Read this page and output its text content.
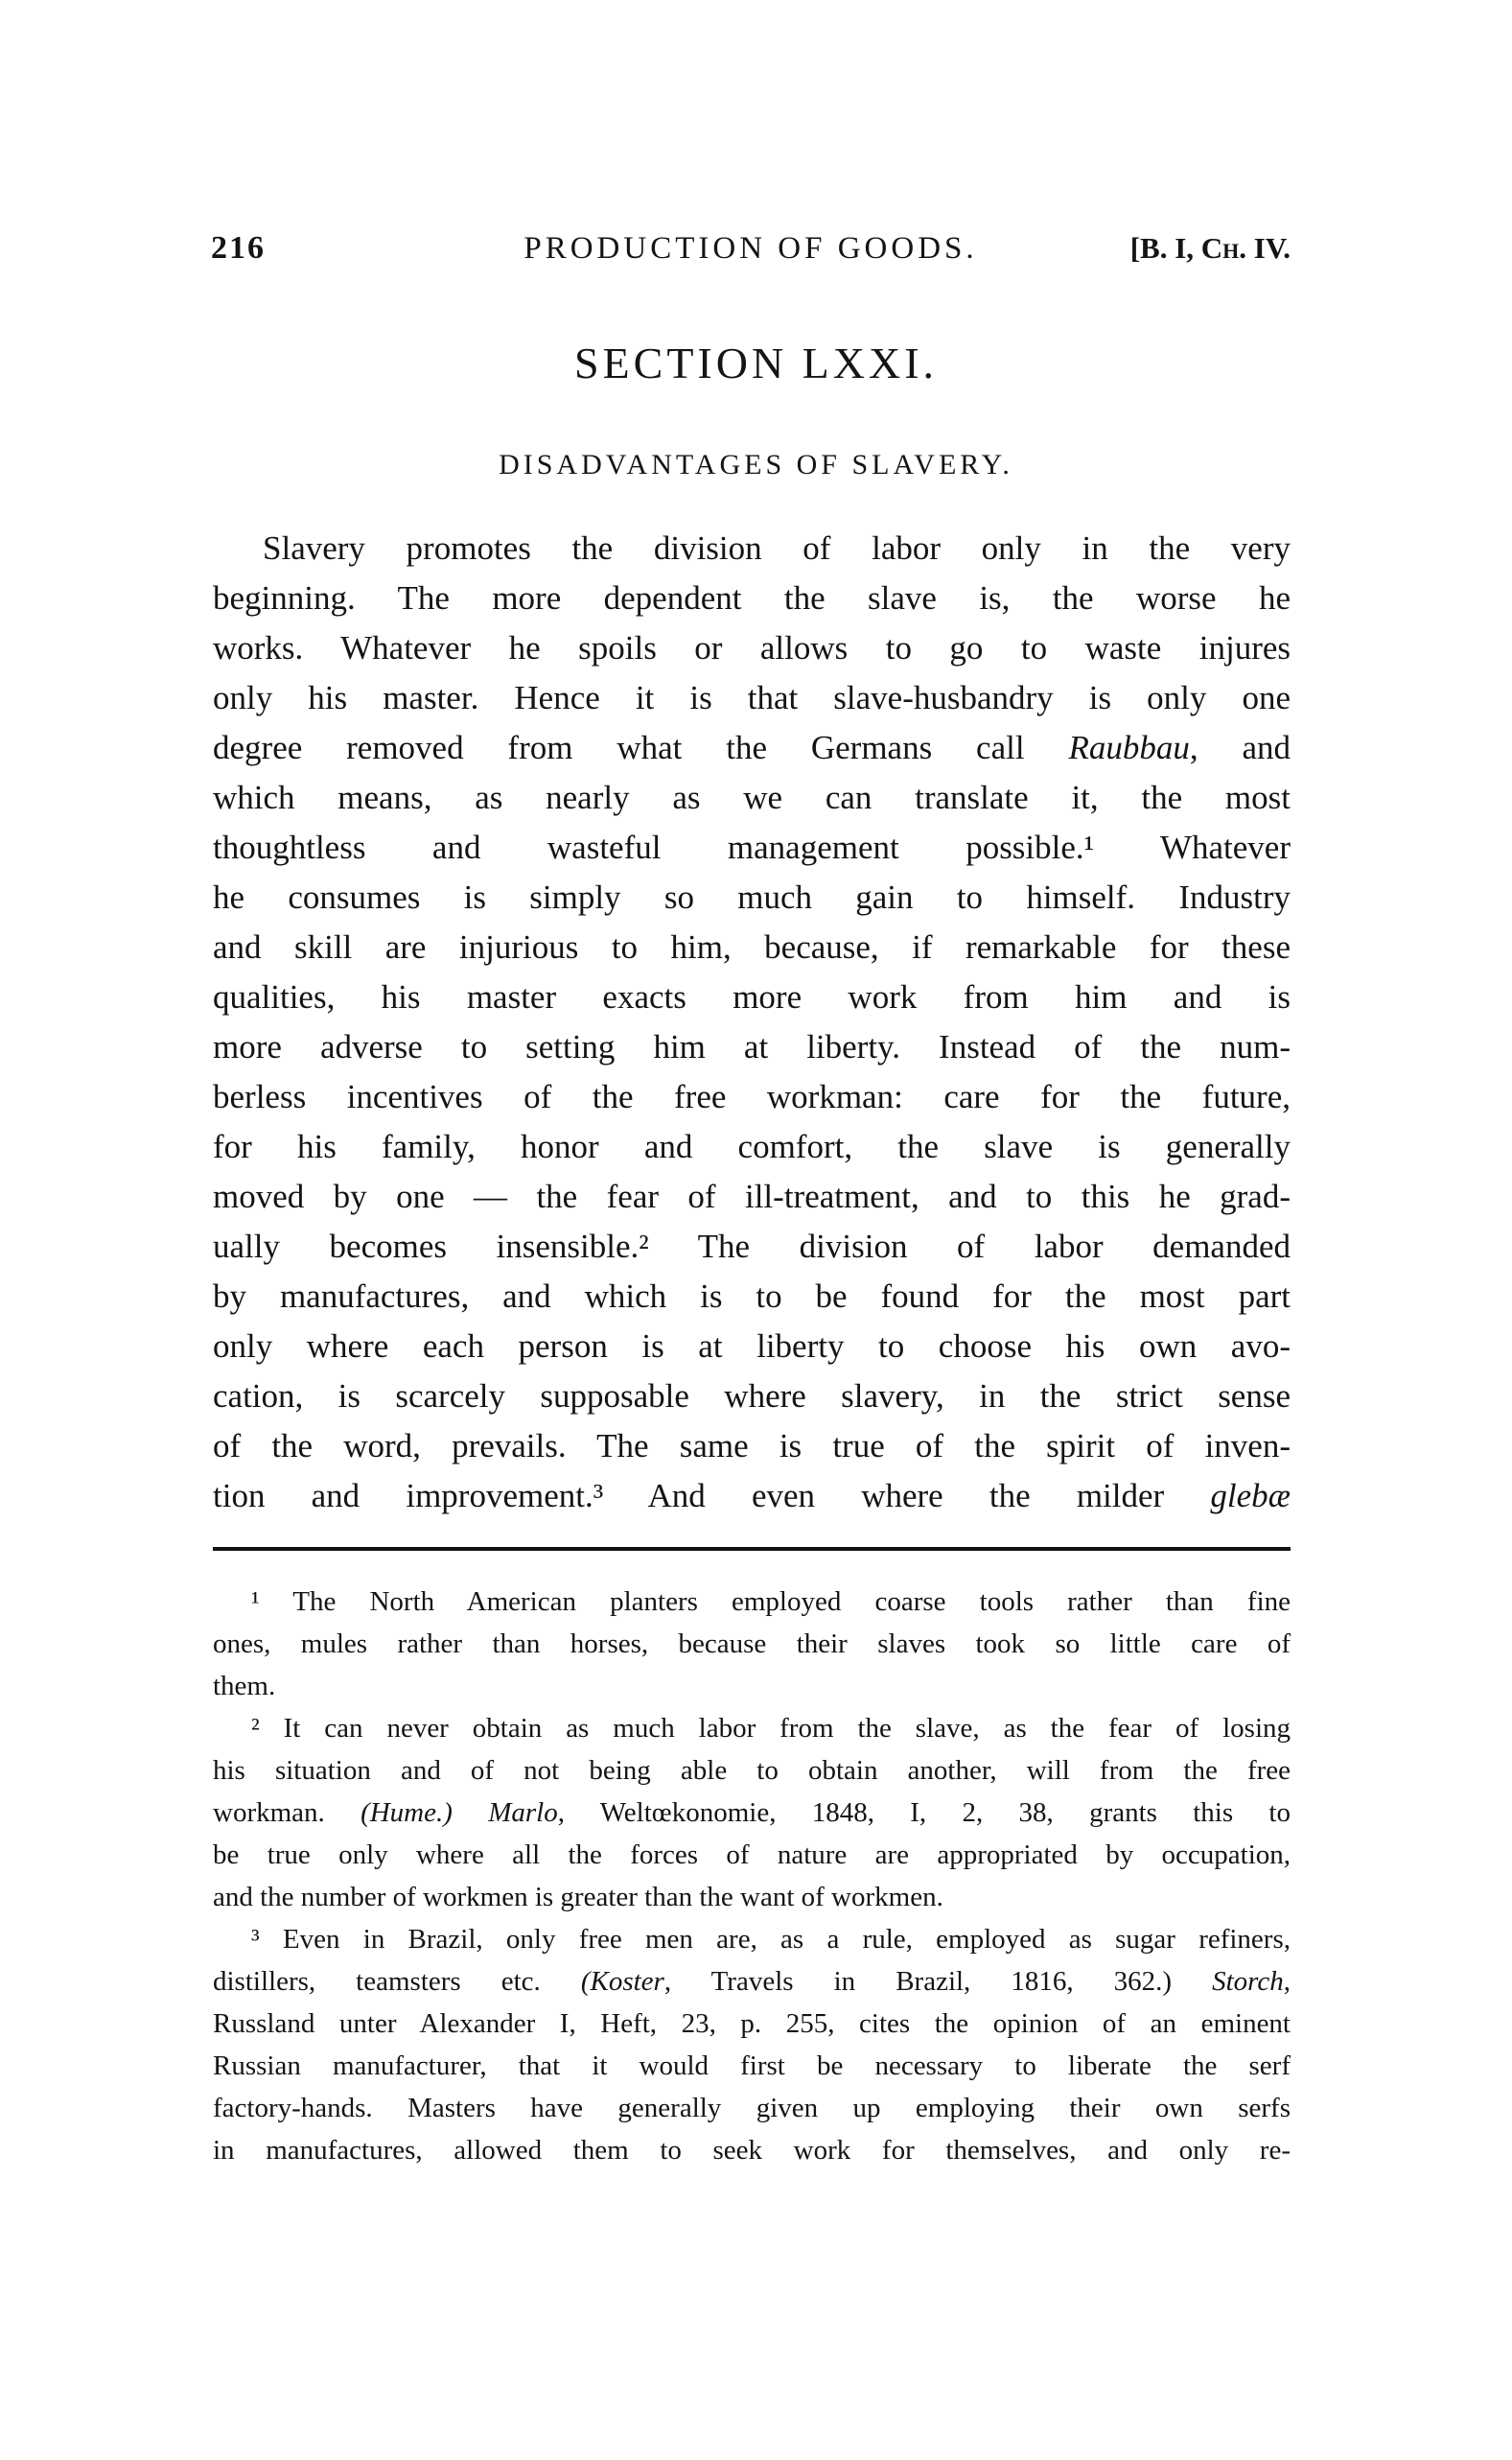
216	PRODUCTION OF GOODS.	[B. I, Ch. IV.
SECTION LXXI.
DISADVANTAGES OF SLAVERY.
Slavery promotes the division of labor only in the very
beginning. The more dependent the slave is, the worse he
works. Whatever he spoils or allows to go to waste injures
only his master. Hence it is that slave-husbandry is only one
degree removed from what the Germans call Raubbau, and
which means, as nearly as we can translate it, the most
thoughtless and wasteful management possible.¹ Whatever
he consumes is simply so much gain to himself. Industry
and skill are injurious to him, because, if remarkable for these
qualities, his master exacts more work from him and is
more adverse to setting him at liberty. Instead of the num-
berless incentives of the free workman: care for the future,
for his family, honor and comfort, the slave is generally
moved by one — the fear of ill-treatment, and to this he grad-
ually becomes insensible.² The division of labor demanded
by manufactures, and which is to be found for the most part
only where each person is at liberty to choose his own avo-
cation, is scarcely supposable where slavery, in the strict sense
of the word, prevails. The same is true of the spirit of inven-
tion and improvement.³ And even where the milder glebæ
¹ The North American planters employed coarse tools rather than fine
ones, mules rather than horses, because their slaves took so little care of
them.
² It can never obtain as much labor from the slave, as the fear of losing
his situation and of not being able to obtain another, will from the free
workman. (Hume.) Marlo, Weltœkonomie, 1848, I, 2, 38, grants this to
be true only where all the forces of nature are appropriated by occupation,
and the number of workmen is greater than the want of workmen.
³ Even in Brazil, only free men are, as a rule, employed as sugar refiners,
distillers, teamsters etc. (Koster, Travels in Brazil, 1816, 362.) Storch,
Russland unter Alexander I, Heft, 23, p. 255, cites the opinion of an eminent
Russian manufacturer, that it would first be necessary to liberate the serf
factory-hands. Masters have generally given up employing their own serfs
in manufactures, allowed them to seek work for themselves, and only re-
